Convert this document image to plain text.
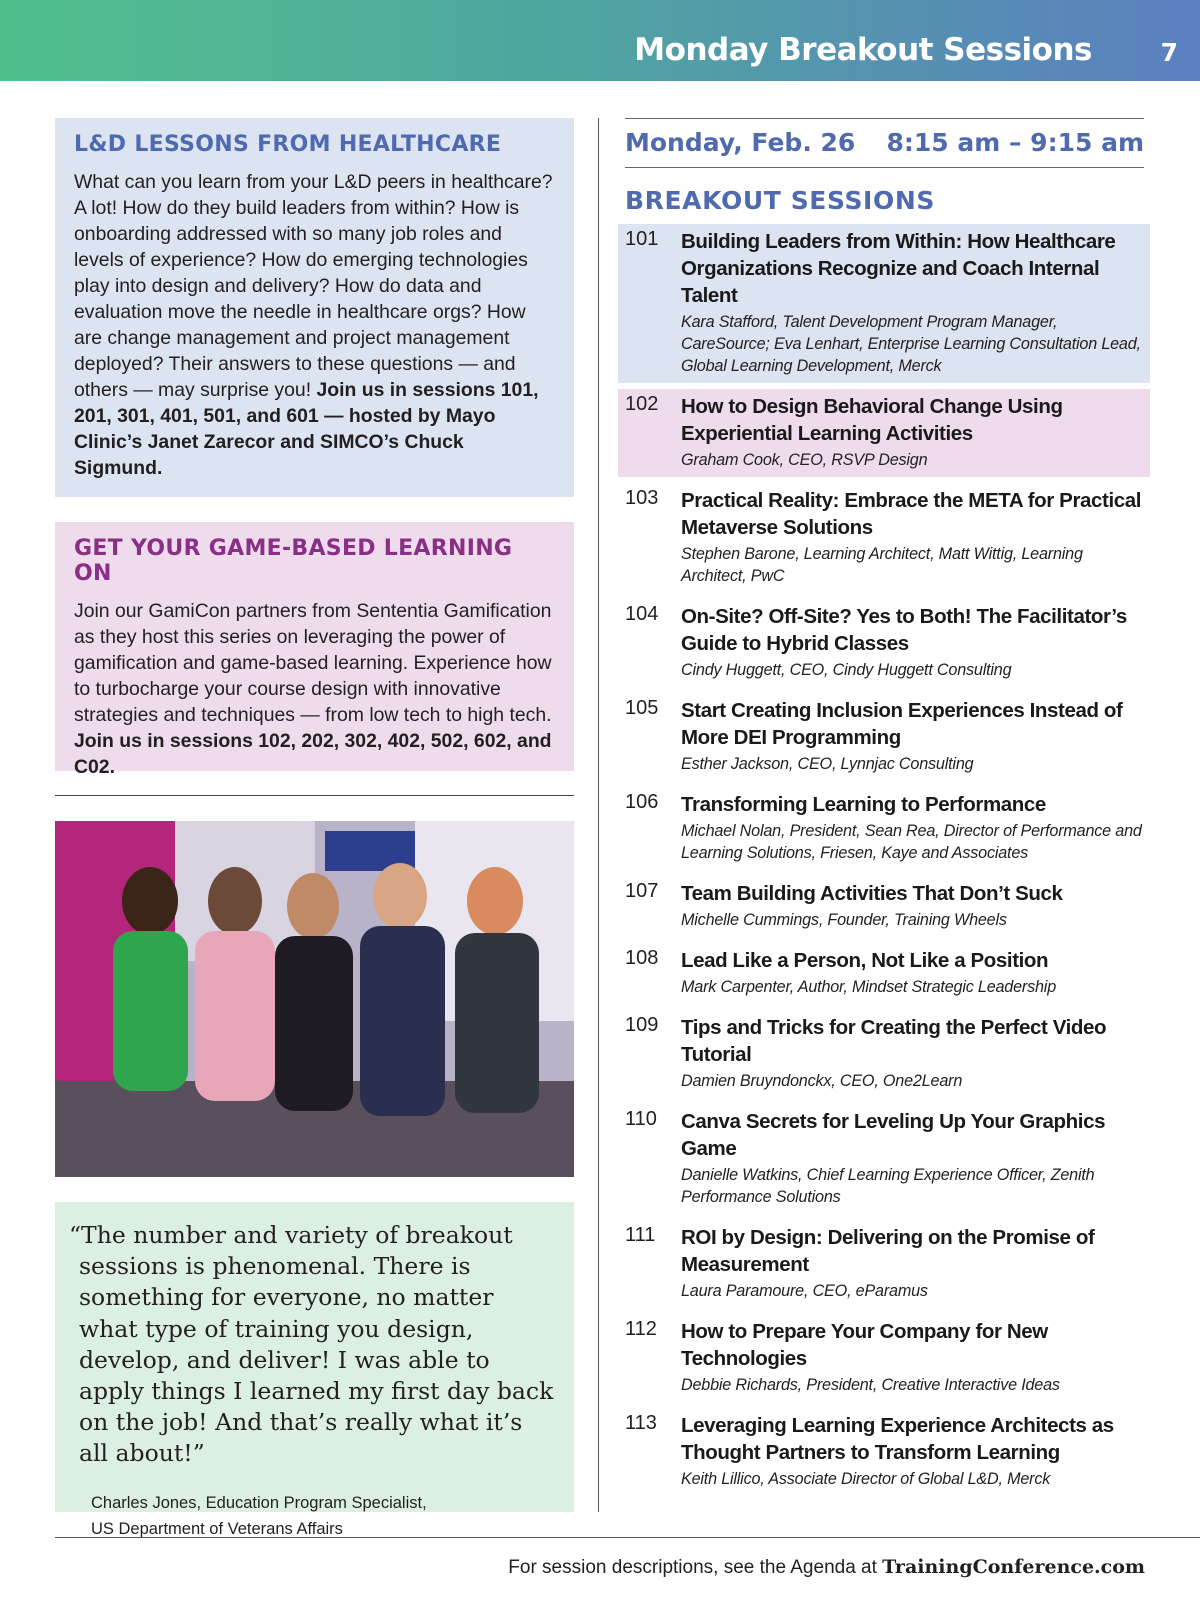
Monday Breakout Sessions	7
L&D LESSONS FROM HEALTHCARE

What can you learn from your L&D peers in healthcare? A lot! How do they build leaders from within? How is onboarding addressed with so many job roles and levels of experience? How do emerging technologies play into design and delivery? How do data and evaluation move the needle in healthcare orgs? How are change management and project management deployed? Their answers to these questions — and others — may surprise you! Join us in sessions 101, 201, 301, 401, 501, and 601 — hosted by Mayo Clinic’s Janet Zarecor and SIMCO’s Chuck Sigmund.

GET YOUR GAME-BASED LEARNING ON

Join our GamiCon partners from Sententia Gamification as they host this series on leveraging the power of gamification and game-based learning. Experience how to turbocharge your course design with innovative strategies and techniques — from low tech to high tech. Join us in sessions 102, 202, 302, 402, 502, 602, and C02.

“The number and variety of breakout sessions is phenomenal. There is something for everyone, no matter what type of training you design, develop, and deliver! I was able to apply things I learned my first day back on the job! And that’s really what it’s all about!”

Charles Jones, Education Program Specialist,
US Department of Veterans Affairs
Monday, Feb. 26 8:15 am – 9:15 am
BREAKOUT SESSIONS
101 Building Leaders from Within: How Healthcare Organizations Recognize and Coach Internal Talent
Kara Stafford, Talent Development Program Manager, CareSource; Eva Lenhart, Enterprise Learning Consultation Lead, Global Learning Development, Merck
102 How to Design Behavioral Change Using Experiential Learning Activities
Graham Cook, CEO, RSVP Design
103 Practical Reality: Embrace the META for Practical Metaverse Solutions
Stephen Barone, Learning Architect, Matt Wittig, Learning Architect, PwC
104 On-Site? Off-Site? Yes to Both! The Facilitator’s Guide to Hybrid Classes
Cindy Huggett, CEO, Cindy Huggett Consulting
105 Start Creating Inclusion Experiences Instead of More DEI Programming
Esther Jackson, CEO, Lynnjac Consulting
106 Transforming Learning to Performance
Michael Nolan, President, Sean Rea, Director of Performance and Learning Solutions, Friesen, Kaye and Associates
107 Team Building Activities That Don’t Suck
Michelle Cummings, Founder, Training Wheels
108 Lead Like a Person, Not Like a Position
Mark Carpenter, Author, Mindset Strategic Leadership
109 Tips and Tricks for Creating the Perfect Video Tutorial
Damien Bruyndonckx, CEO, One2Learn
110 Canva Secrets for Leveling Up Your Graphics Game
Danielle Watkins, Chief Learning Experience Officer, Zenith Performance Solutions
111 ROI by Design: Delivering on the Promise of Measurement
Laura Paramoure, CEO, eParamus
112 How to Prepare Your Company for New Technologies
Debbie Richards, President, Creative Interactive Ideas
113 Leveraging Learning Experience Architects as Thought Partners to Transform Learning
Keith Lillico, Associate Director of Global L&D, Merck
For session descriptions, see the Agenda at TrainingConference.com
